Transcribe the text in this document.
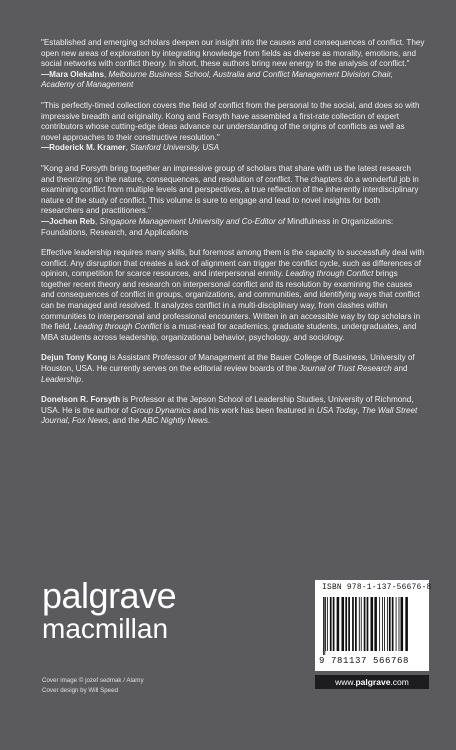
"Established and emerging scholars deepen our insight into the causes and consequences of conflict. They open new areas of exploration by integrating knowledge from fields as diverse as morality, emotions, and social networks with conflict theory. In short, these authors bring new energy to the analysis of conflict."

—Mara Olekalns, Melbourne Business School, Australia and Conflict Management Division Chair, Academy of Management

"This perfectly-timed collection covers the field of conflict from the personal to the social, and does so with impressive breadth and originality. Kong and Forsyth have assembled a first-rate collection of expert contributors whose cutting-edge ideas advance our understanding of the origins of conflicts as well as novel approaches to their constructive resolution."

—Roderick M. Kramer, Stanford University, USA

"Kong and Forsyth bring together an impressive group of scholars that share with us the latest research and theorizing on the nature, consequences, and resolution of conflict. The chapters do a wonderful job in examining conflict from multiple levels and perspectives, a true reflection of the inherently interdisciplinary nature of the study of conflict. This volume is sure to engage and lead to novel insights for both researchers and practitioners."

—Jochen Reb, Singapore Management University and Co-Editor of Mindfulness in Organizations: Foundations, Research, and Applications

Effective leadership requires many skills, but foremost among them is the capacity to successfully deal with conflict. Any disruption that creates a lack of alignment can trigger the conflict cycle, such as differences of opinion, competition for scarce resources, and interpersonal enmity. Leading through Conflict brings together recent theory and research on interpersonal conflict and its resolution by examining the causes and consequences of conflict in groups, organizations, and communities, and identifying ways that conflict can be managed and resolved. It analyzes conflict in a multi-disciplinary way, from clashes within communities to interpersonal and professional encounters. Written in an accessible way by top scholars in the field, Leading through Conflict is a must-read for academics, graduate students, undergraduates, and MBA students across leadership, organizational behavior, psychology, and sociology.

Dejun Tony Kong is Assistant Professor of Management at the Bauer College of Business, University of Houston, USA. He currently serves on the editorial review boards of the Journal of Trust Research and Leadership.

Donelson R. Forsyth is Professor at the Jepson School of Leadership Studies, University of Richmond, USA. He is the author of Group Dynamics and his work has been featured in USA Today, The Wall Street Journal, Fox News, and the ABC Nightly News.

palgrave
macmillan
Cover image © jozef sedmak / Alamy
Cover design by Will Speed
ISBN 978-1-137-56676-8
9 781137 566768
www.palgrave.com
